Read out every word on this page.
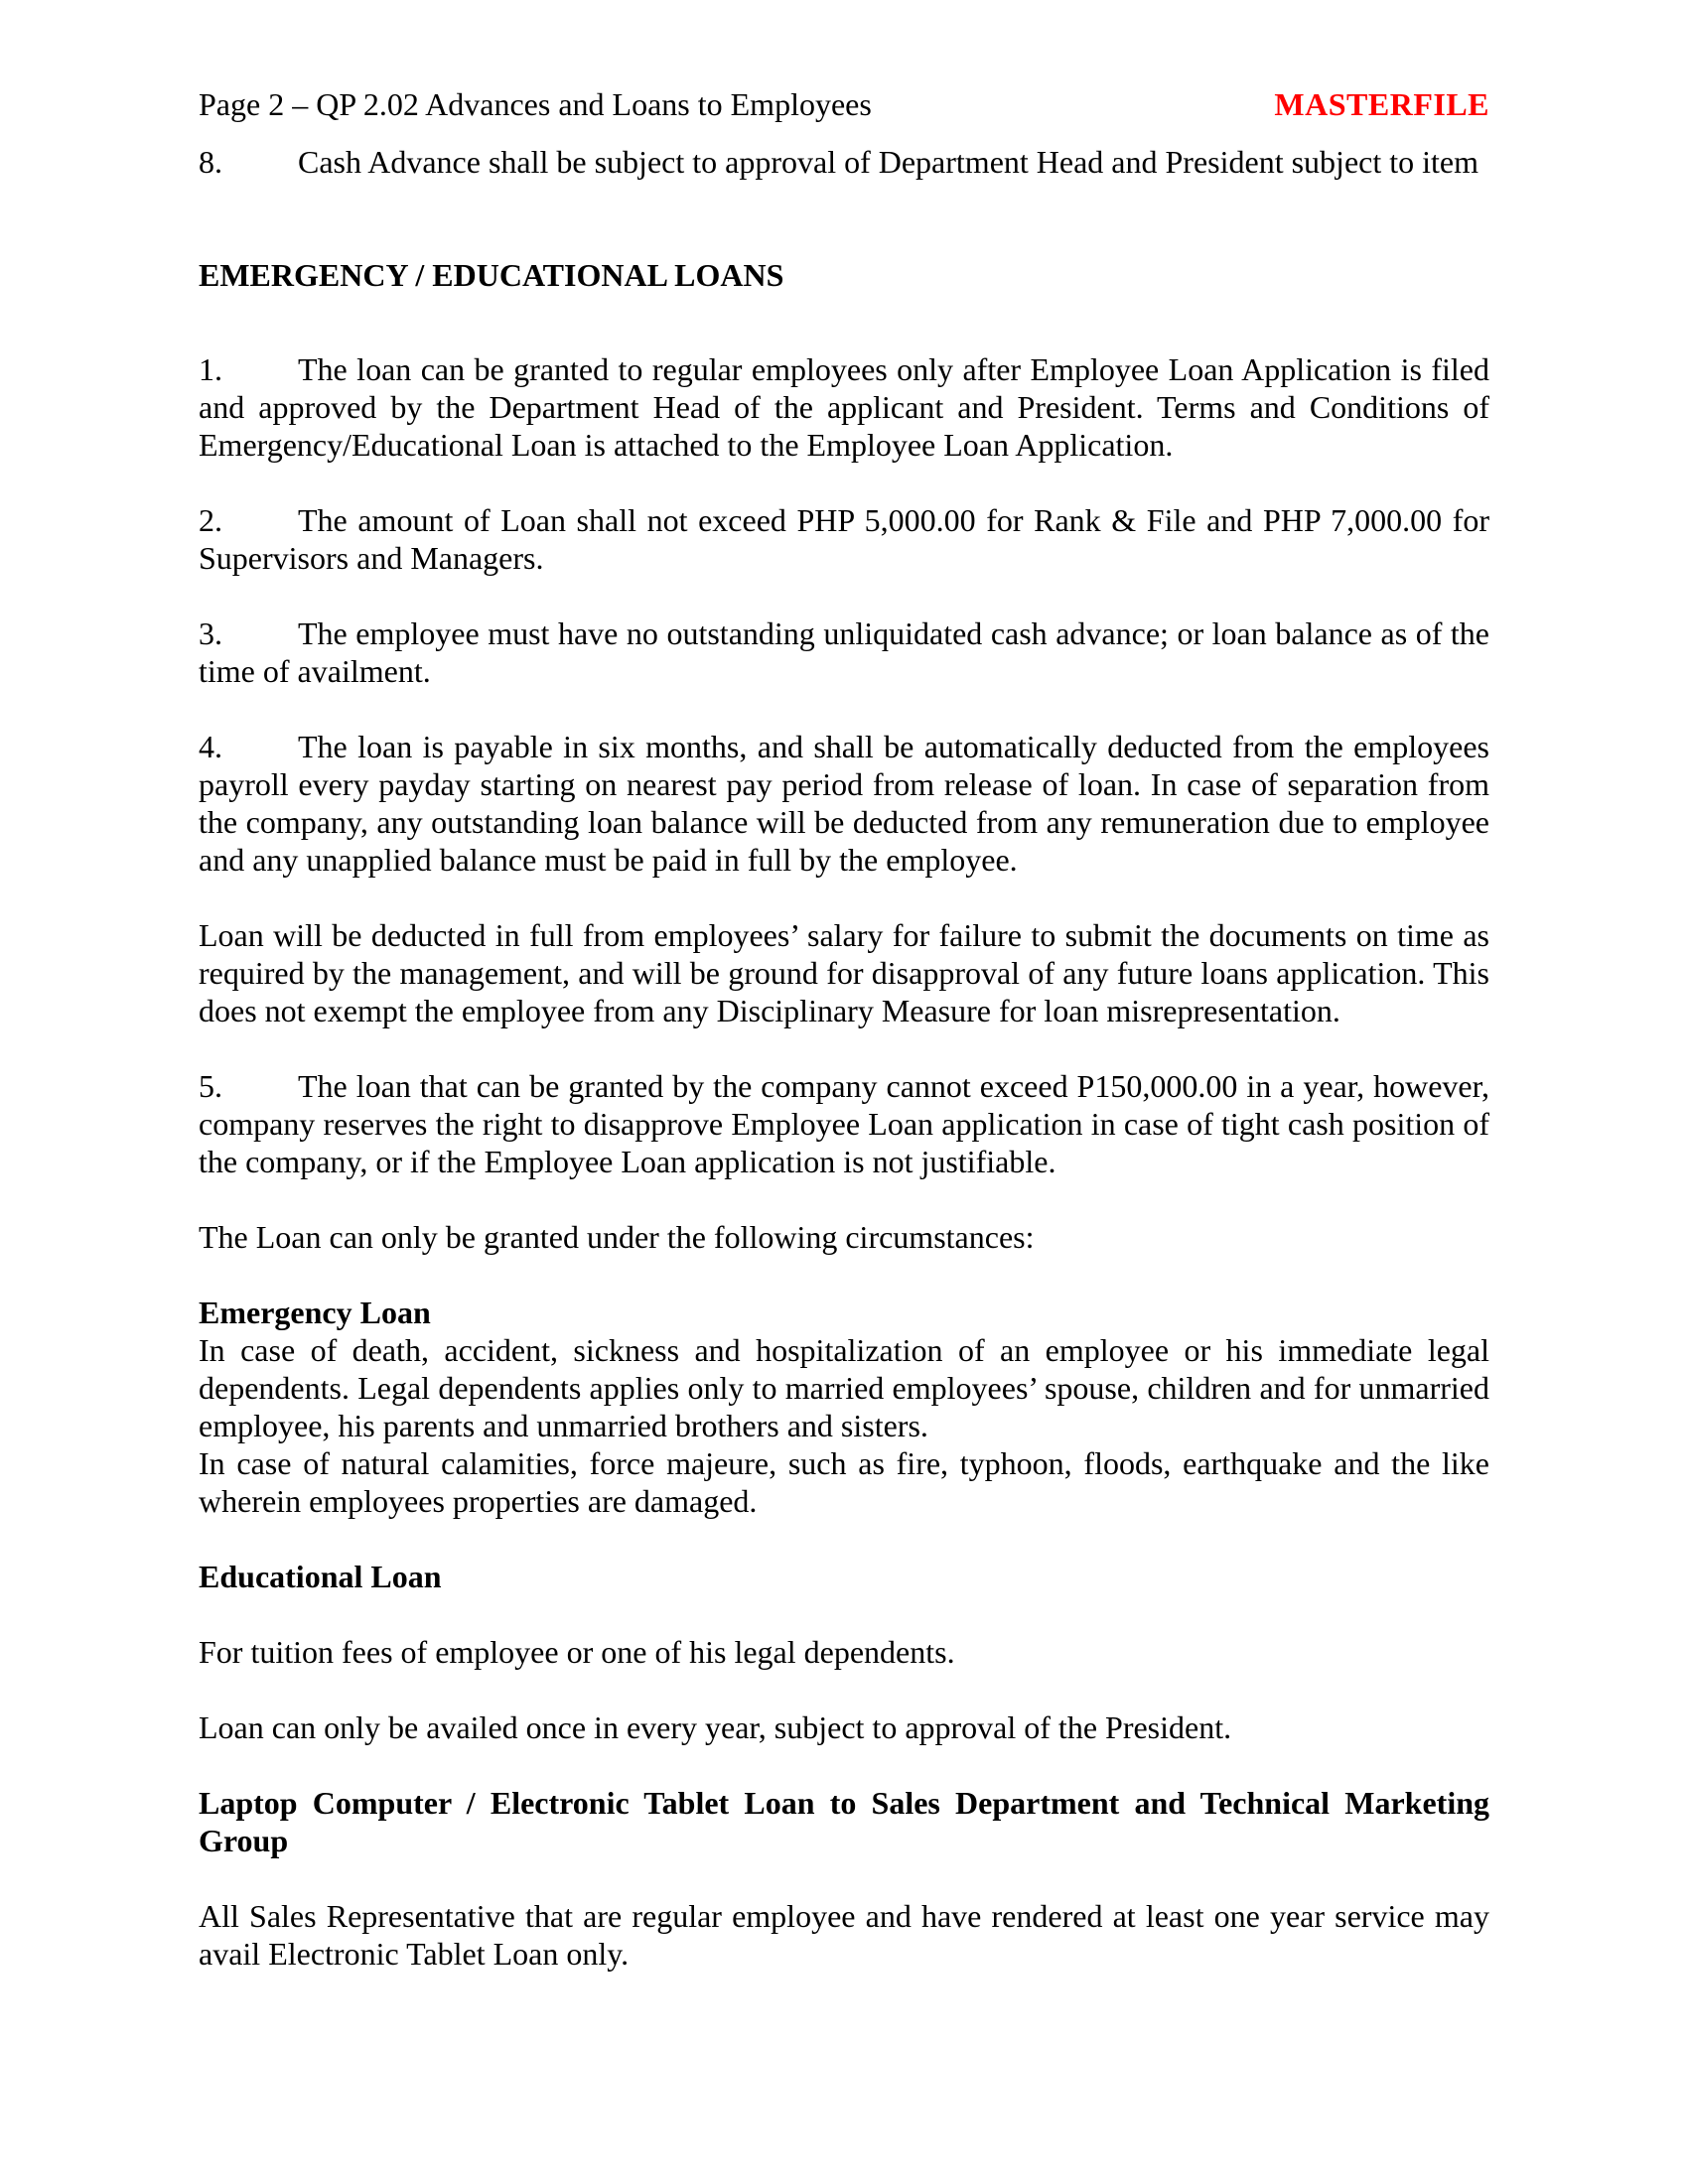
Page 2 – QP 2.02 Advances and Loans to Employees	MASTERFILE

8. Cash Advance shall be subject to approval of Department Head and President subject to item

EMERGENCY / EDUCATIONAL LOANS

1. The loan can be granted to regular employees only after Employee Loan Application is filed and approved by the Department Head of the applicant and President. Terms and Conditions of Emergency/Educational Loan is attached to the Employee Loan Application.

2. The amount of Loan shall not exceed PHP 5,000.00 for Rank & File and PHP 7,000.00 for Supervisors and Managers.

3. The employee must have no outstanding unliquidated cash advance; or loan balance as of the time of availment.

4. The loan is payable in six months, and shall be automatically deducted from the employees payroll every payday starting on nearest pay period from release of loan. In case of separation from the company, any outstanding loan balance will be deducted from any remuneration due to employee and any unapplied balance must be paid in full by the employee.

Loan will be deducted in full from employees’ salary for failure to submit the documents on time as required by the management, and will be ground for disapproval of any future loans application. This does not exempt the employee from any Disciplinary Measure for loan misrepresentation.

5. The loan that can be granted by the company cannot exceed P150,000.00 in a year, however, company reserves the right to disapprove Employee Loan application in case of tight cash position of the company, or if the Employee Loan application is not justifiable.

The Loan can only be granted under the following circumstances:

Emergency Loan

In case of death, accident, sickness and hospitalization of an employee or his immediate legal dependents. Legal dependents applies only to married employees’ spouse, children and for unmarried employee, his parents and unmarried brothers and sisters.

In case of natural calamities, force majeure, such as fire, typhoon, floods, earthquake and the like wherein employees properties are damaged.

Educational Loan

For tuition fees of employee or one of his legal dependents.

Loan can only be availed once in every year, subject to approval of the President.

Laptop Computer / Electronic Tablet Loan to Sales Department and Technical Marketing Group

All Sales Representative that are regular employee and have rendered at least one year service may avail Electronic Tablet Loan only.
